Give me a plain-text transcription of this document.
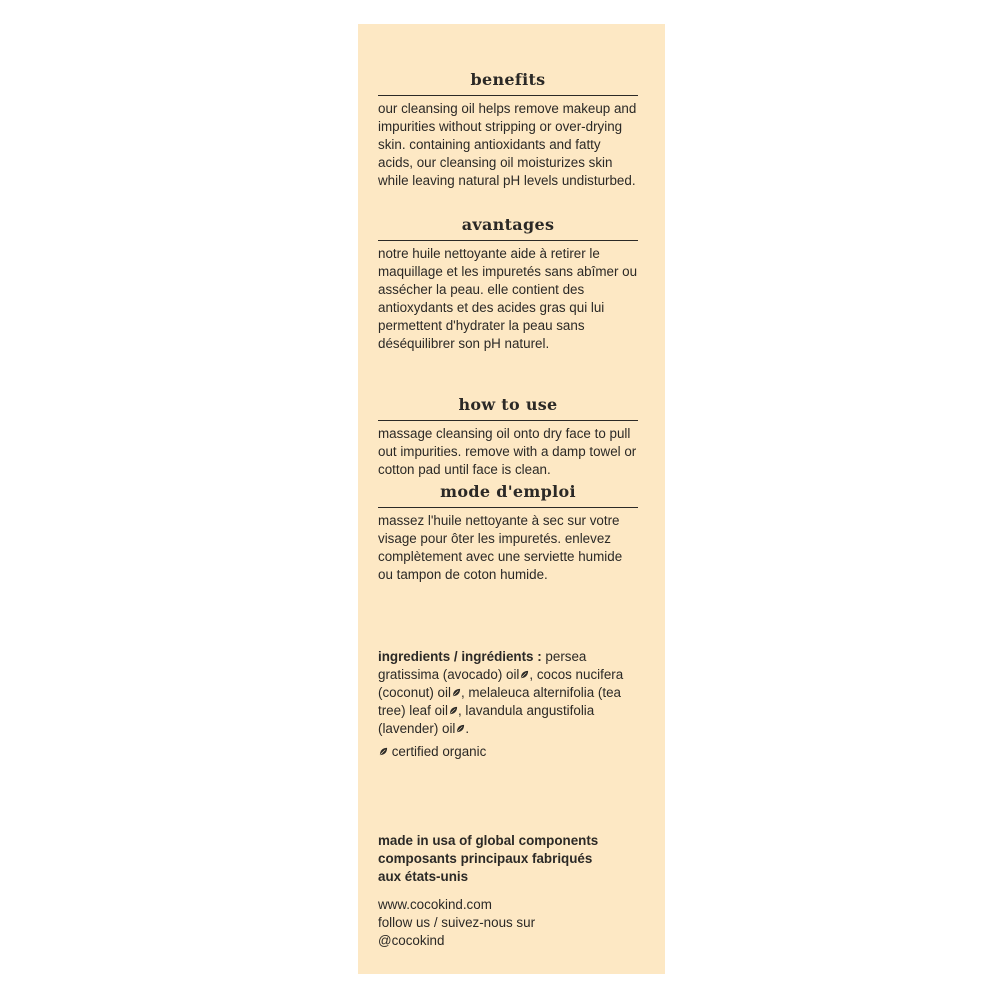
benefits

our cleansing oil helps remove makeup and impurities without stripping or over-drying skin. containing antioxidants and fatty acids, our cleansing oil moisturizes skin while leaving natural pH levels undisturbed.

avantages

notre huile nettoyante aide à retirer le maquillage et les impuretés sans abîmer ou assécher la peau. elle contient des antioxydants et des acides gras qui lui permettent d'hydrater la peau sans déséquilibrer son pH naturel.

how to use

massage cleansing oil onto dry face to pull out impurities. remove with a damp towel or cotton pad until face is clean.

mode d'emploi

massez l'huile nettoyante à sec sur votre visage pour ôter les impuretés. enlevez complètement avec une serviette humide ou tampon de coton humide.

ingredients / ingrédients : persea gratissima (avocado) oil , cocos nucifera (coconut) oil , melaleuca alternifolia (tea tree) leaf oil , lavandula angustifolia (lavender) oil .

certified organic

made in usa of global components

composants principaux fabriqués

aux états-unis

www.cocokind.com

follow us / suivez-nous sur

@cocokind
